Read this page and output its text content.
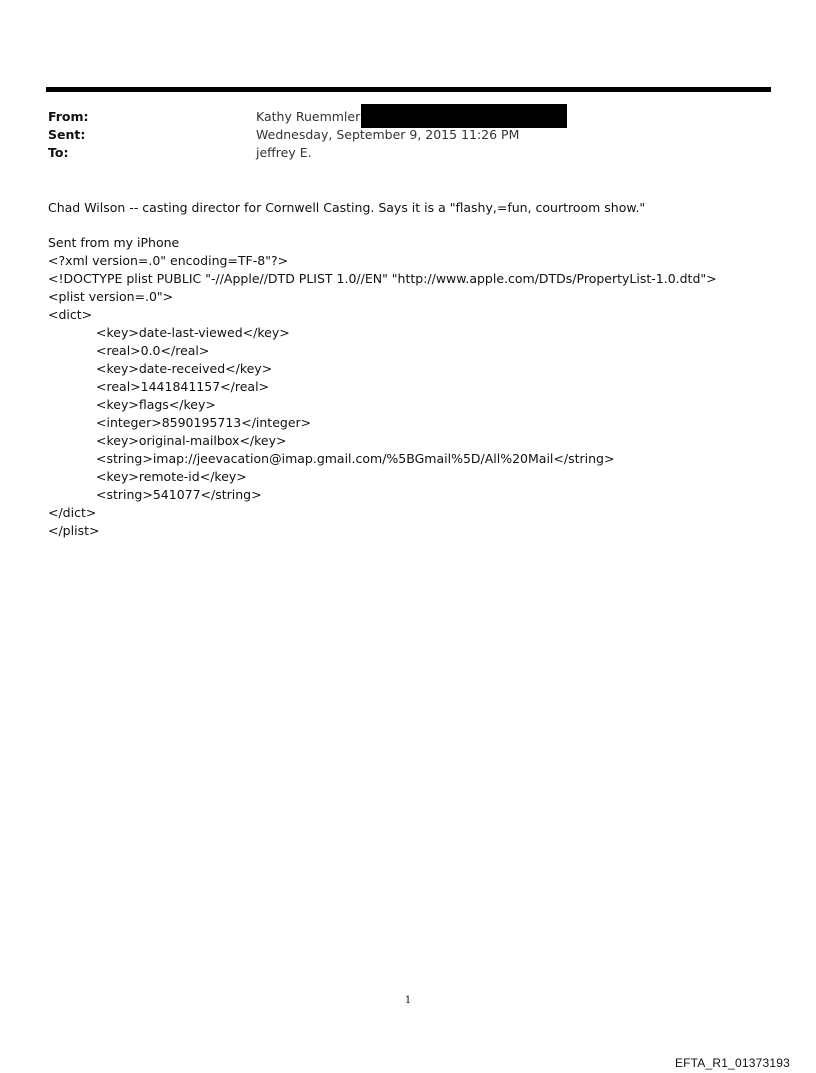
From:	Kathy Ruemmler
Sent:	Wednesday, September 9, 2015 11:26 PM
To:	jeffrey E.
Chad Wilson -- casting director for Cornwell Casting. Says it is a "flashy,=fun, courtroom show."
Sent from my iPhone
<?xml version=.0" encoding=TF-8"?>
<!DOCTYPE plist PUBLIC "-//Apple//DTD PLIST 1.0//EN" "http://www.apple.com/DTDs/PropertyList-1.0.dtd">
<plist version=.0">
<dict>
<key>date-last-viewed</key>
<real>0.0</real>
<key>date-received</key>
<real>1441841157</real>
<key>flags</key>
<integer>8590195713</integer>
<key>original-mailbox</key>
<string>imap://jeevacation@imap.gmail.com/%5BGmail%5D/All%20Mail</string>
<key>remote-id</key>
<string>541077</string>
</dict>
</plist>
1
EFTA_R1_01373193
